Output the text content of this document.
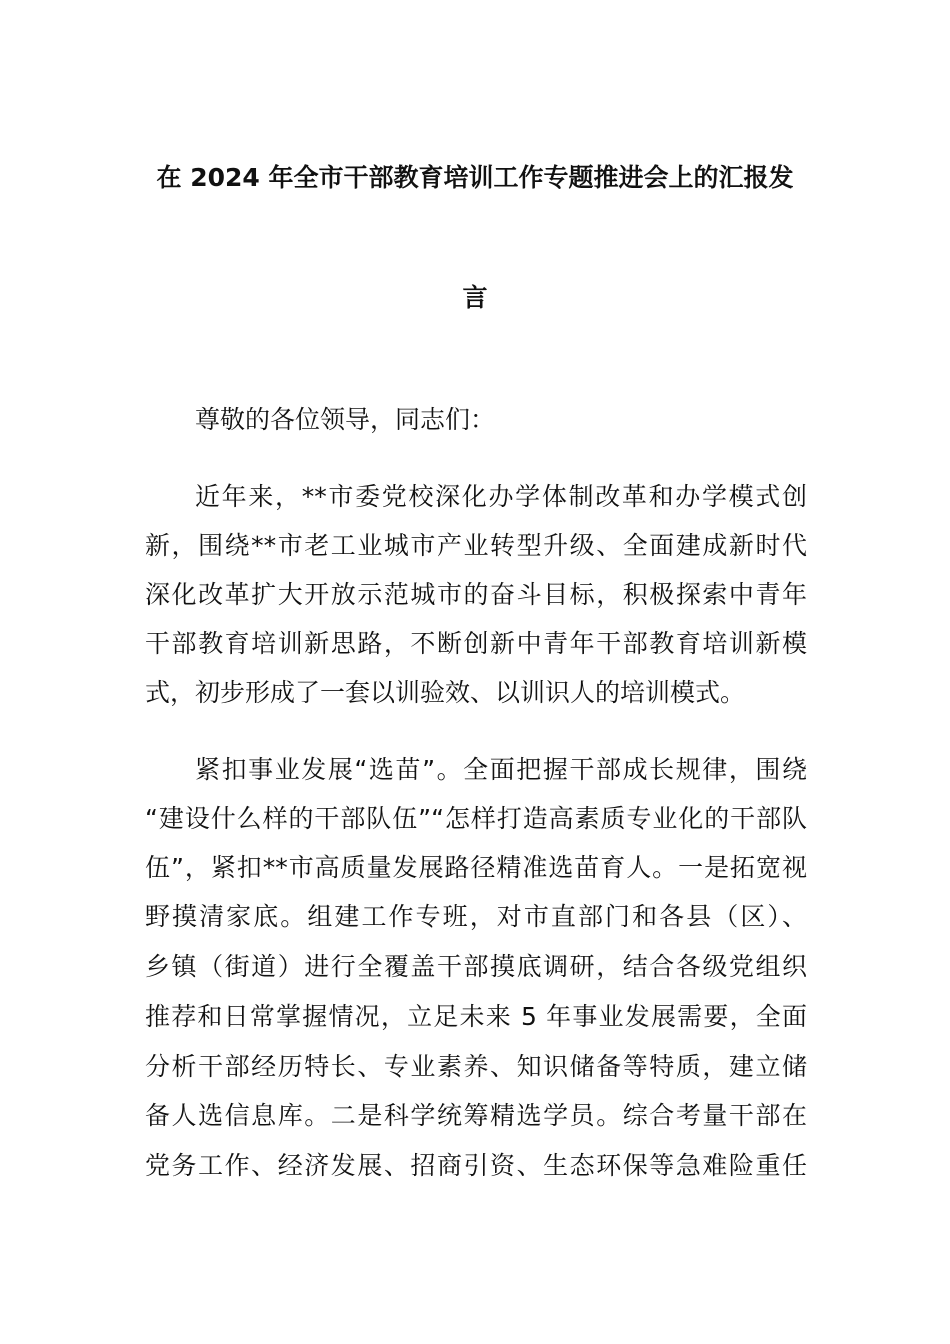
在 2024 年全市干部教育培训工作专题推进会上的汇报发
言
尊敬的各位领导，同志们：
近年来，**市委党校深化办学体制改革和办学模式创
新，围绕**市老工业城市产业转型升级、全面建成新时代
深化改革扩大开放示范城市的奋斗目标，积极探索中青年
干部教育培训新思路，不断创新中青年干部教育培训新模
式，初步形成了一套以训验效、以训识人的培训模式。
紧扣事业发展“选苗”。全面把握干部成长规律，围绕
“建设什么样的干部队伍”“怎样打造高素质专业化的干部队
伍”，紧扣**市高质量发展路径精准选苗育人。一是拓宽视
野摸清家底。组建工作专班，对市直部门和各县（区）、
乡镇（街道）进行全覆盖干部摸底调研，结合各级党组织
推荐和日常掌握情况，立足未来 5 年事业发展需要，全面
分析干部经历特长、专业素养、知识储备等特质，建立储
备人选信息库。二是科学统筹精选学员。综合考量干部在
党务工作、经济发展、招商引资、生态环保等急难险重任
